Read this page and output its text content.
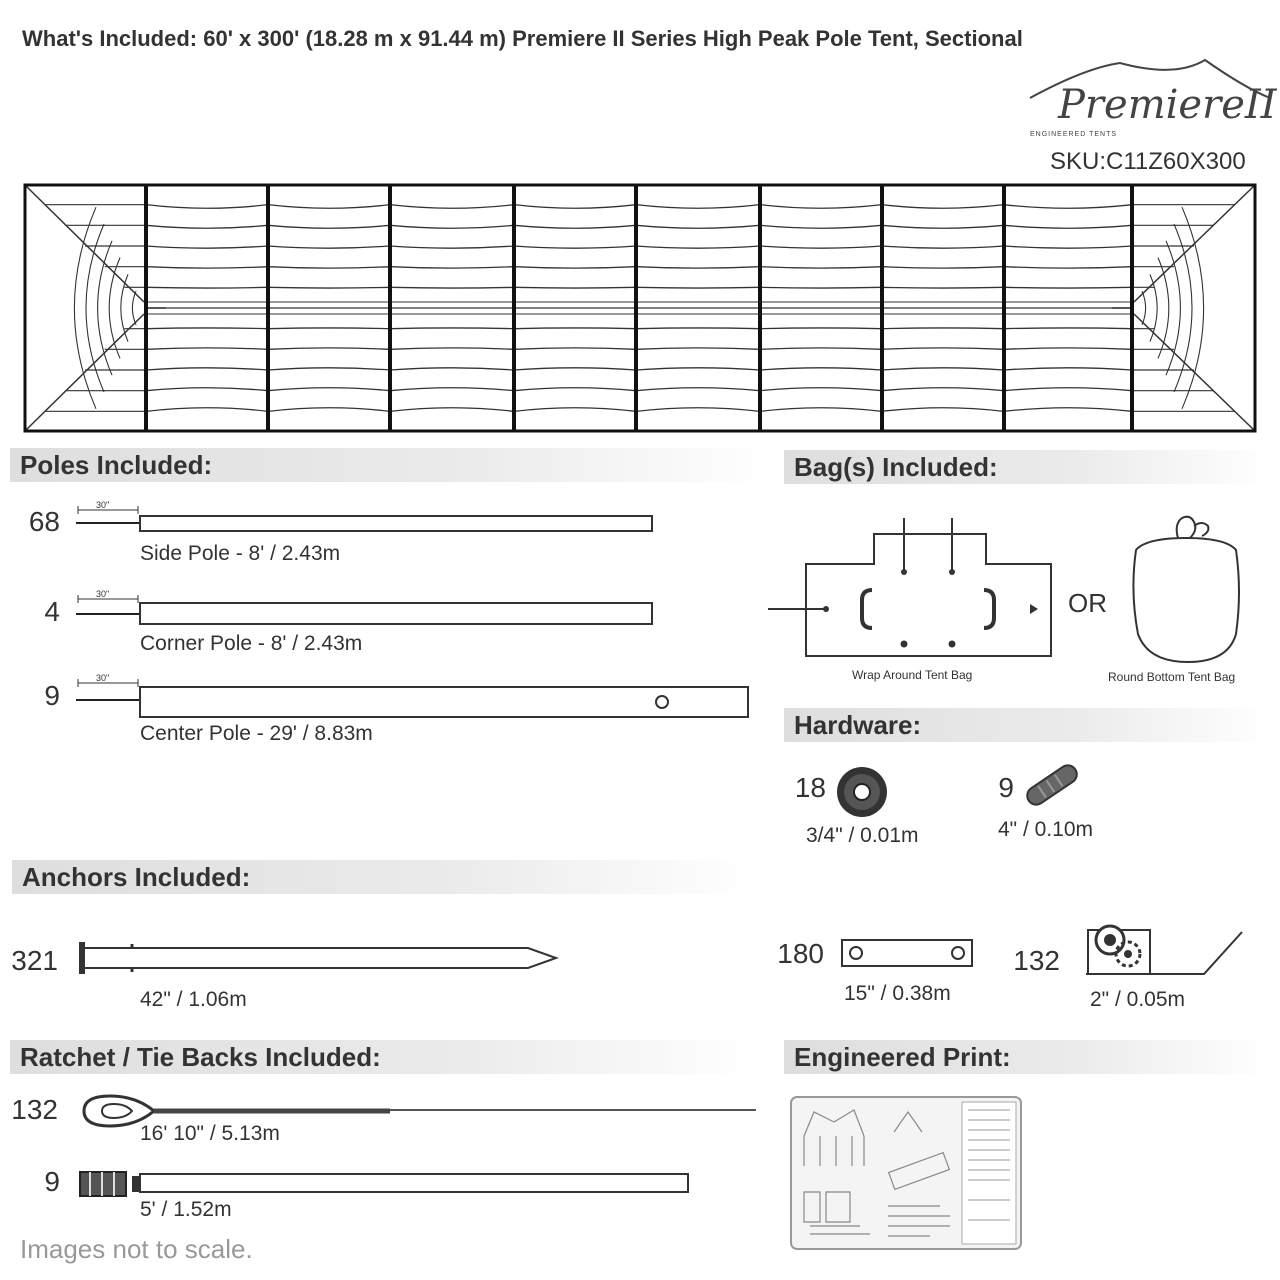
What's Included: 60' x 300' (18.28 m x 91.44 m) Premiere II Series High Peak Pole Tent, Sectional
PremiereII
ENGINEERED TENTS
SKU:C11Z60X300
Poles Included:
68
30"
Side Pole - 8' / 2.43m
4
30"
Corner Pole - 8' / 2.43m
9
30"
Center Pole - 29' / 8.83m
Bag(s) Included:
Wrap Around Tent Bag
OR
Round Bottom Tent Bag
Hardware:
18
3/4" / 0.01m
9
4" / 0.10m
Anchors Included:
321
42" / 1.06m
180
15" / 0.38m
132
2" / 0.05m
Ratchet / Tie Backs Included:
132
16' 10" / 5.13m
9
5' / 1.52m
Engineered Print:
Images not to scale.
